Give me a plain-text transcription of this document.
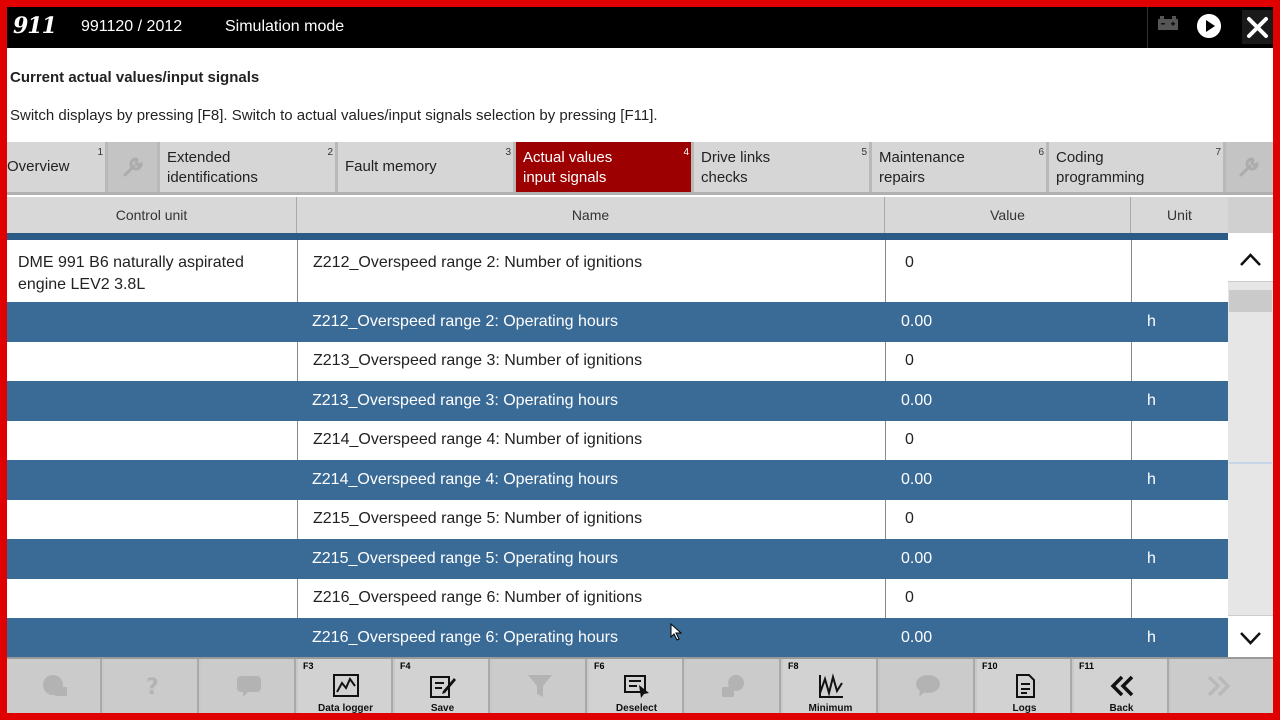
911 991120 / 2012	Simulation mode
Current actual values/input signals
Switch displays by pressing [F8]. Switch to actual values/input signals selection by pressing [F11].
Overview
1	Extended
identifications
2
Fault memory
3 Actual values
input signals
4 Drive links
checks
5 Maintenance
repairs
6 Coding
programming
7
Control unit	Name	Value	Unit
DME 991 B6 naturally aspirated engine LEV2 3.8L
Z212_Overspeed range 2: Number of ignitions	0
Z212_Overspeed range 2: Operating hours	0.00	h
Z213_Overspeed range 3: Number of ignitions	0
Z213_Overspeed range 3: Operating hours	0.00	h
Z214_Overspeed range 4: Number of ignitions	0
Z214_Overspeed range 4: Operating hours	0.00	h
Z215_Overspeed range 5: Number of ignitions	0
Z215_Overspeed range 5: Operating hours	0.00	h
Z216_Overspeed range 6: Number of ignitions	0
Z216_Overspeed range 6: Operating hours	0.00	h
?
F3
Data logger
F4
Save
F6
Deselect
F8
Minimum
F10
Logs
F11
Back
